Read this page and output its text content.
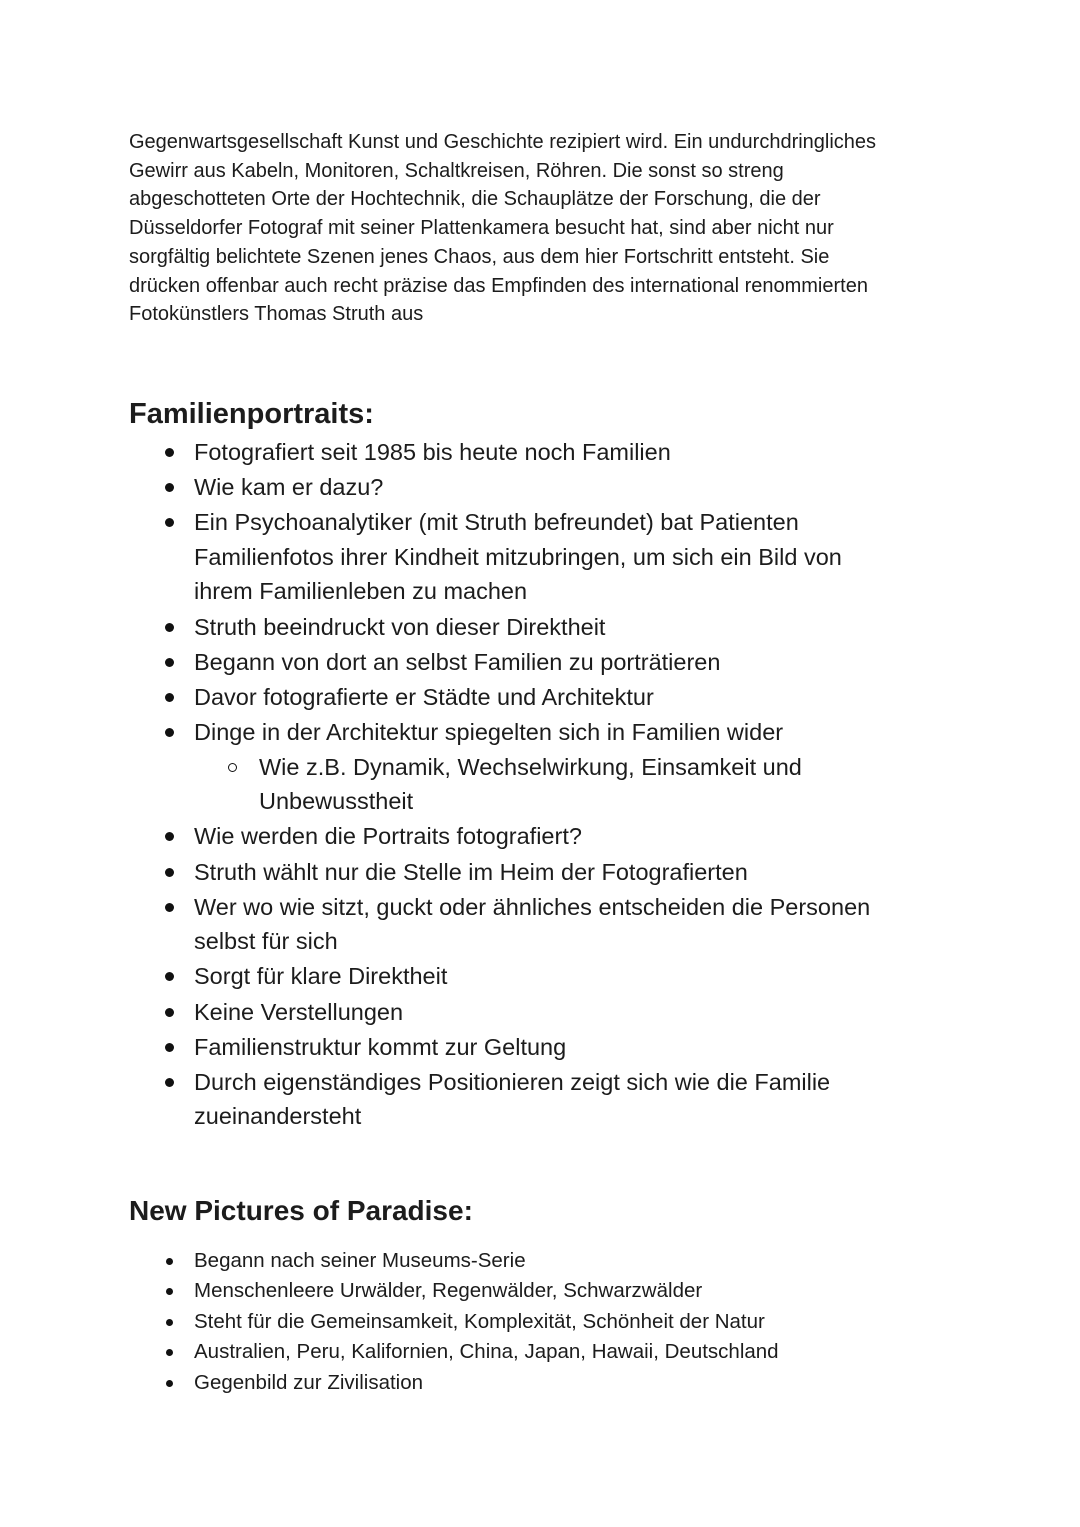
Gegenwartsgesellschaft Kunst und Geschichte rezipiert wird. Ein undurchdringliches
Gewirr aus Kabeln, Monitoren, Schaltkreisen, Röhren. Die sonst so streng
abgeschotteten Orte der Hochtechnik, die Schauplätze der Forschung, die der
Düsseldorfer Fotograf mit seiner Plattenkamera besucht hat, sind aber nicht nur
sorgfältig belichtete Szenen jenes Chaos, aus dem hier Fortschritt entsteht. Sie
drücken offenbar auch recht präzise das Empfinden des international renommierten
Fotokünstlers Thomas Struth aus

Familienportraits:
Fotografiert seit 1985 bis heute noch Familien
Wie kam er dazu?
Ein Psychoanalytiker (mit Struth befreundet) bat Patienten
Familienfotos ihrer Kindheit mitzubringen, um sich ein Bild von
ihrem Familienleben zu machen
Struth beeindruckt von dieser Direktheit
Begann von dort an selbst Familien zu porträtieren
Davor fotografierte er Städte und Architektur
Dinge in der Architektur spiegelten sich in Familien wider
Wie z.B. Dynamik, Wechselwirkung, Einsamkeit und
Unbewusstheit
Wie werden die Portraits fotografiert?
Struth wählt nur die Stelle im Heim der Fotografierten
Wer wo wie sitzt, guckt oder ähnliches entscheiden die Personen
selbst für sich
Sorgt für klare Direktheit
Keine Verstellungen
Familienstruktur kommt zur Geltung
Durch eigenständiges Positionieren zeigt sich wie die Familie
zueinandersteht
New Pictures of Paradise:
Begann nach seiner Museums-Serie
Menschenleere Urwälder, Regenwälder, Schwarzwälder
Steht für die Gemeinsamkeit, Komplexität, Schönheit der Natur
Australien, Peru, Kalifornien, China, Japan, Hawaii, Deutschland
Gegenbild zur Zivilisation
